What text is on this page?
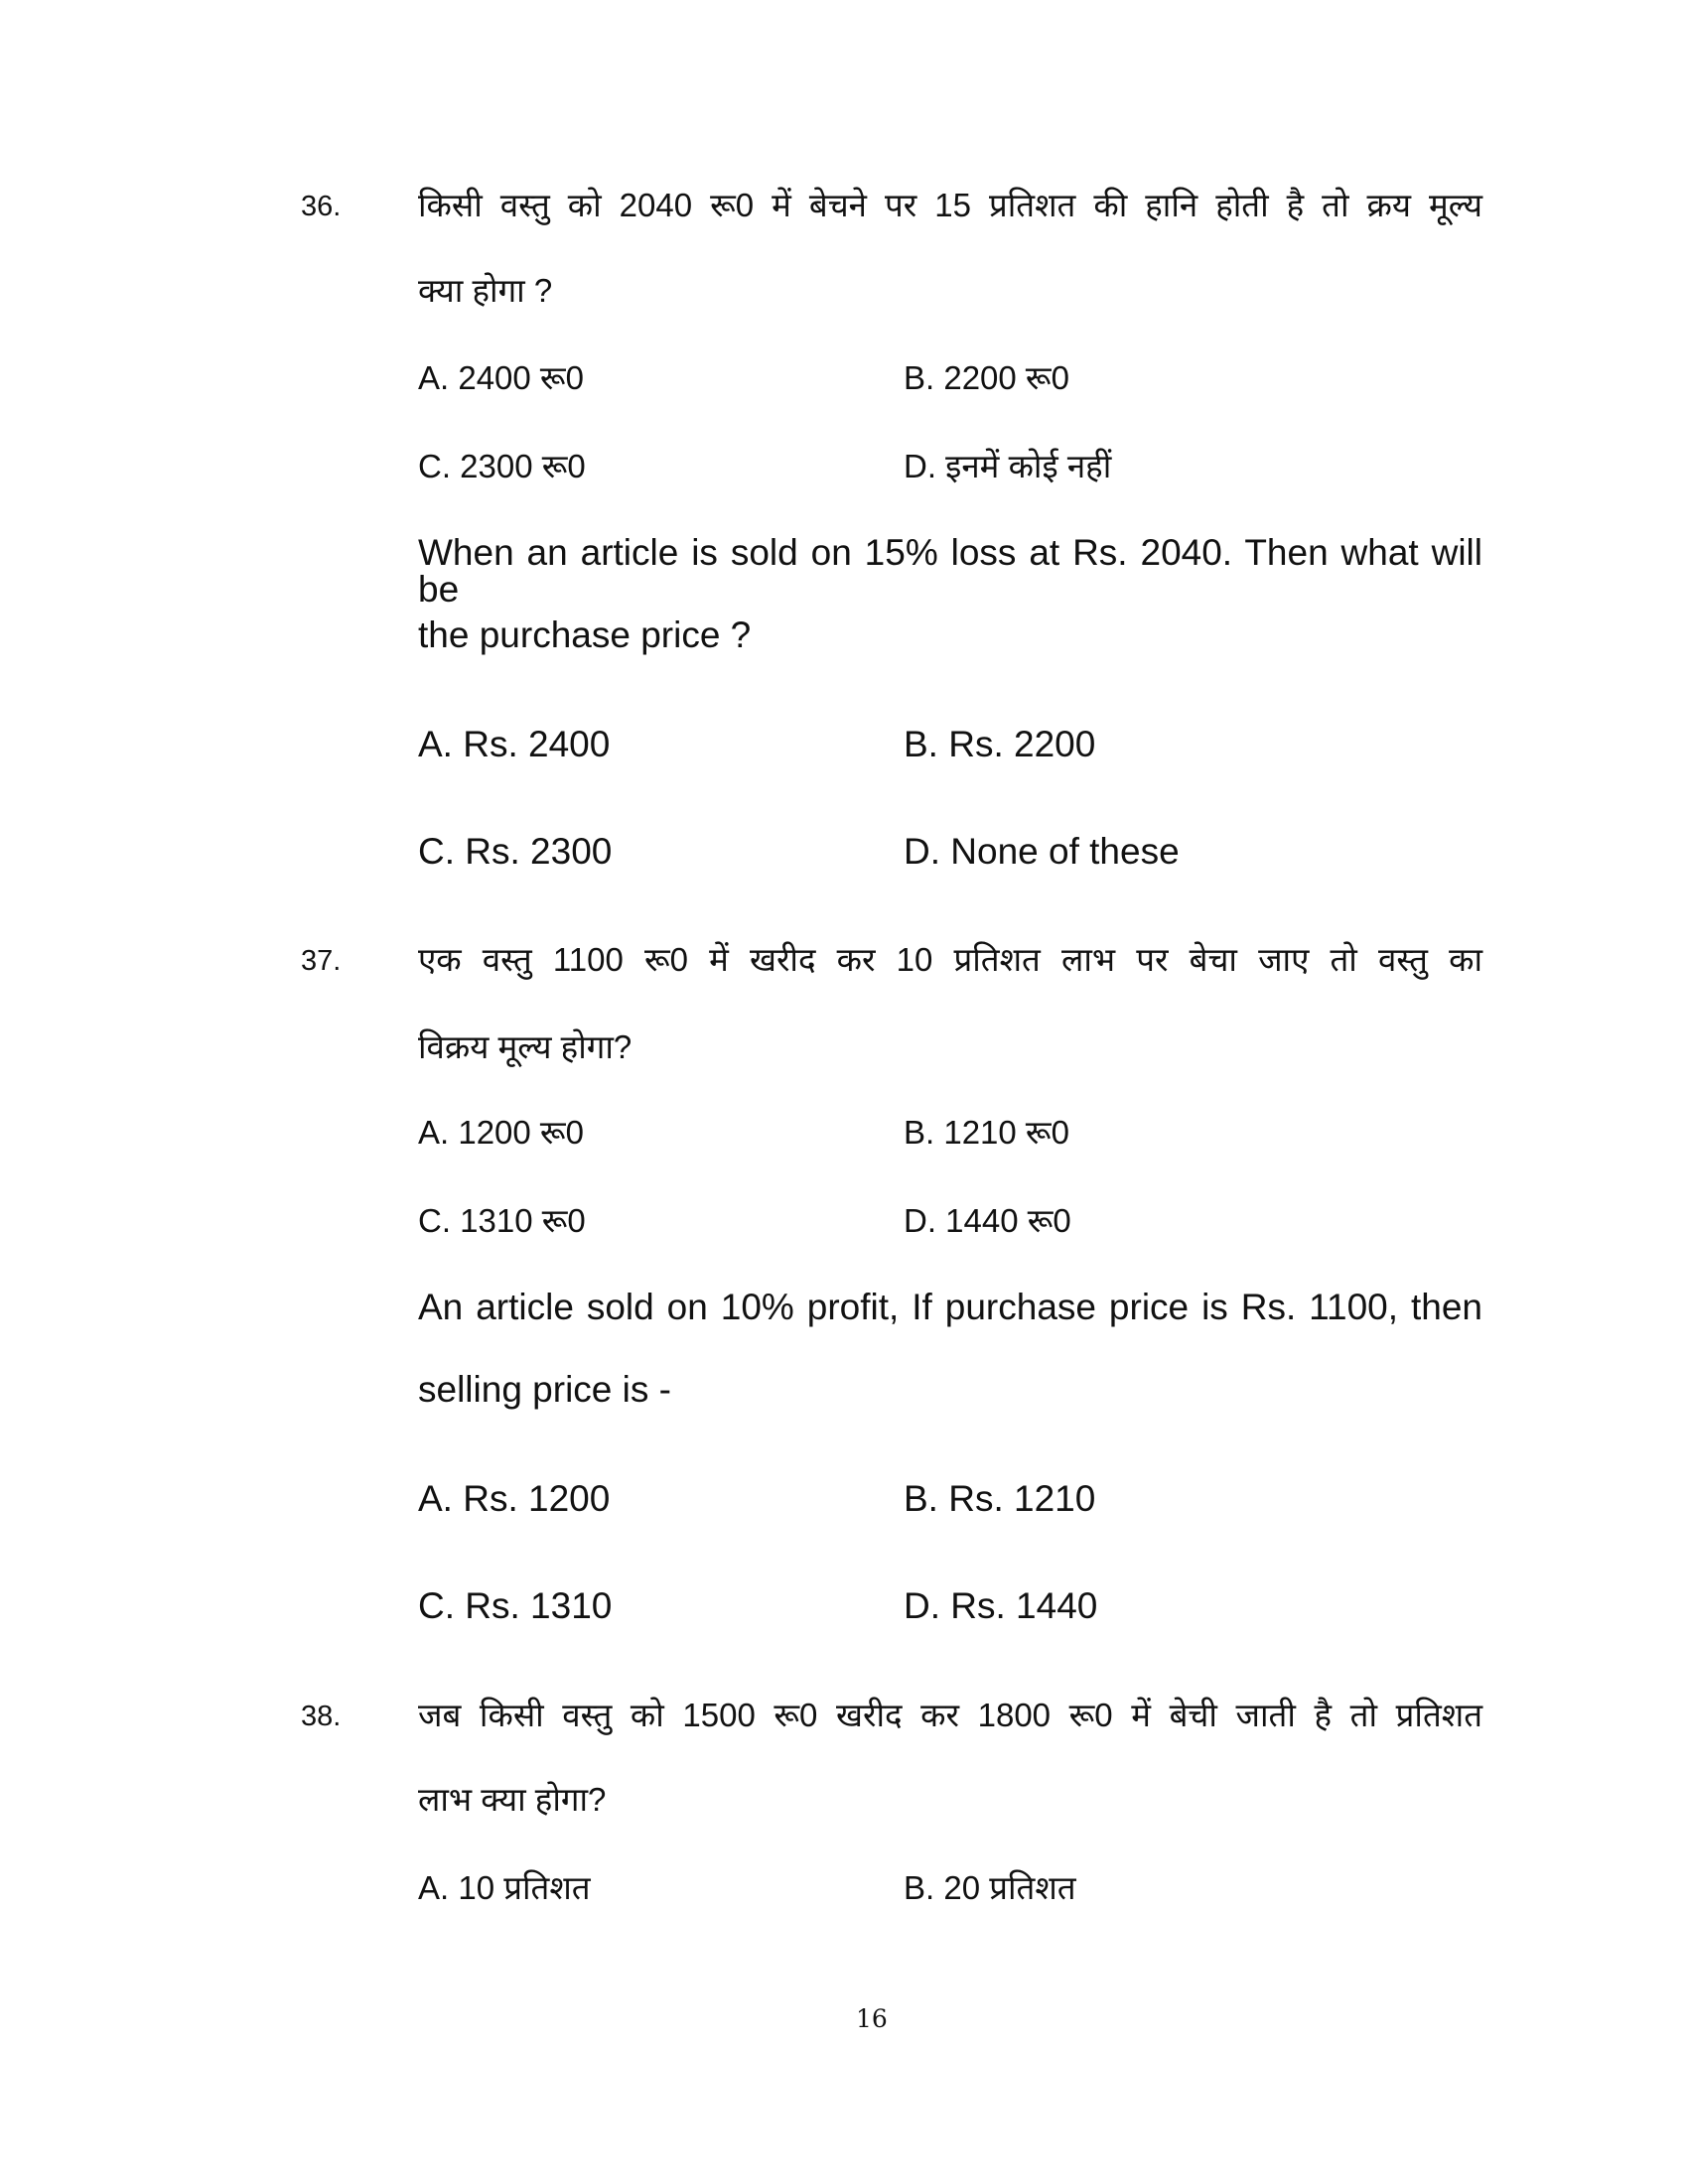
36. किसी वस्तु को 2040 रू0 में बेचने पर 15 प्रतिशत की हानि होती है तो क्रय मूल्य
क्या होगा ?
A. 2400 रू0	B. 2200 रू0
C. 2300 रू0	D. इनमें कोई नहीं
When an article is sold on 15% loss at Rs. 2040. Then what will be
the purchase price ?
A. Rs. 2400	B. Rs. 2200
C. Rs. 2300	D. None of these
37. एक वस्तु 1100 रू0 में खरीद कर 10 प्रतिशत लाभ पर बेचा जाए तो वस्तु का
विक्रय मूल्य होगा?
A. 1200 रू0	B. 1210 रू0
C. 1310 रू0	D. 1440 रू0
An article sold on 10% profit, If purchase price is Rs. 1100, then
selling price is -
A. Rs. 1200	B. Rs. 1210
C. Rs. 1310	D. Rs. 1440
38. जब किसी वस्तु को 1500 रू0 खरीद कर 1800 रू0 में बेची जाती है तो प्रतिशत
लाभ क्या होगा?
A. 10 प्रतिशत	B. 20 प्रतिशत
16
